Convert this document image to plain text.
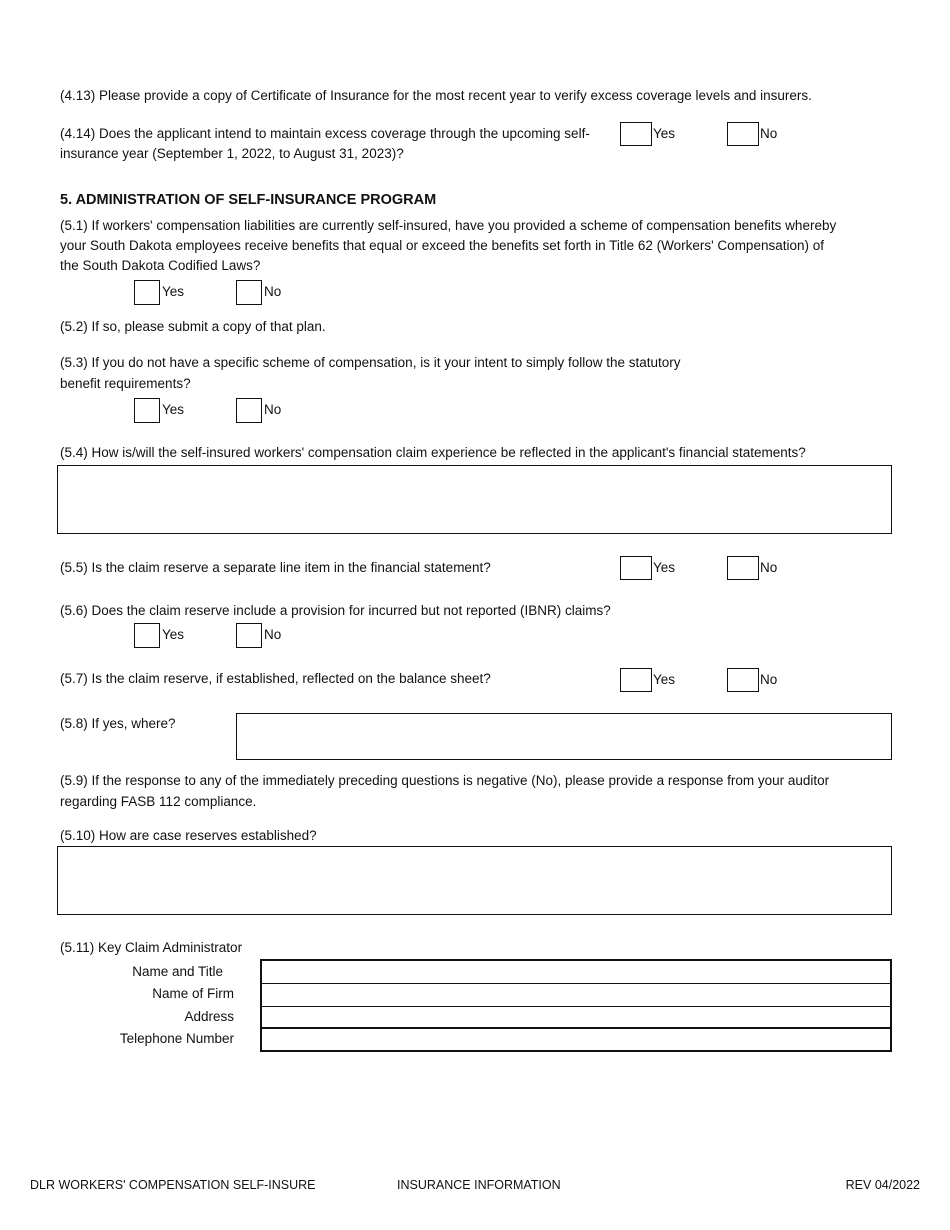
(4.13) Please provide a copy of Certificate of Insurance for the most recent year to verify excess coverage levels and insurers.
(4.14) Does the applicant intend to maintain excess coverage through the upcoming self-
insurance year (September 1, 2022, to August 31, 2023)?
Yes	No
5. ADMINISTRATION OF SELF-INSURANCE PROGRAM
(5.1) If workers' compensation liabilities are currently self-insured, have you provided a scheme of compensation benefits whereby
your South Dakota employees receive benefits that equal or exceed the benefits set forth in Title 62 (Workers' Compensation) of
the South Dakota Codified Laws?
Yes	No
(5.2) If so, please submit a copy of that plan.
(5.3) If you do not have a specific scheme of compensation, is it your intent to simply follow the statutory
benefit requirements?
Yes	No
(5.4) How is/will the self-insured workers' compensation claim experience be reflected in the applicant's financial statements?
(5.5) Is the claim reserve a separate line item in the financial statement?	Yes	No
(5.6) Does the claim reserve include a provision for incurred but not reported (IBNR) claims?
Yes	No
(5.7) Is the claim reserve, if established, reflected on the balance sheet?	Yes	No
(5.8) If yes, where?
(5.9) If the response to any of the immediately preceding questions is negative (No), please provide a response from your auditor
regarding FASB 112 compliance.
(5.10) How are case reserves established?
(5.11) Key Claim Administrator
Name and Title
Name of Firm
Address
Telephone Number
DLR WORKERS' COMPENSATION SELF-INSURE	INSURANCE INFORMATION	REV 04/2022
